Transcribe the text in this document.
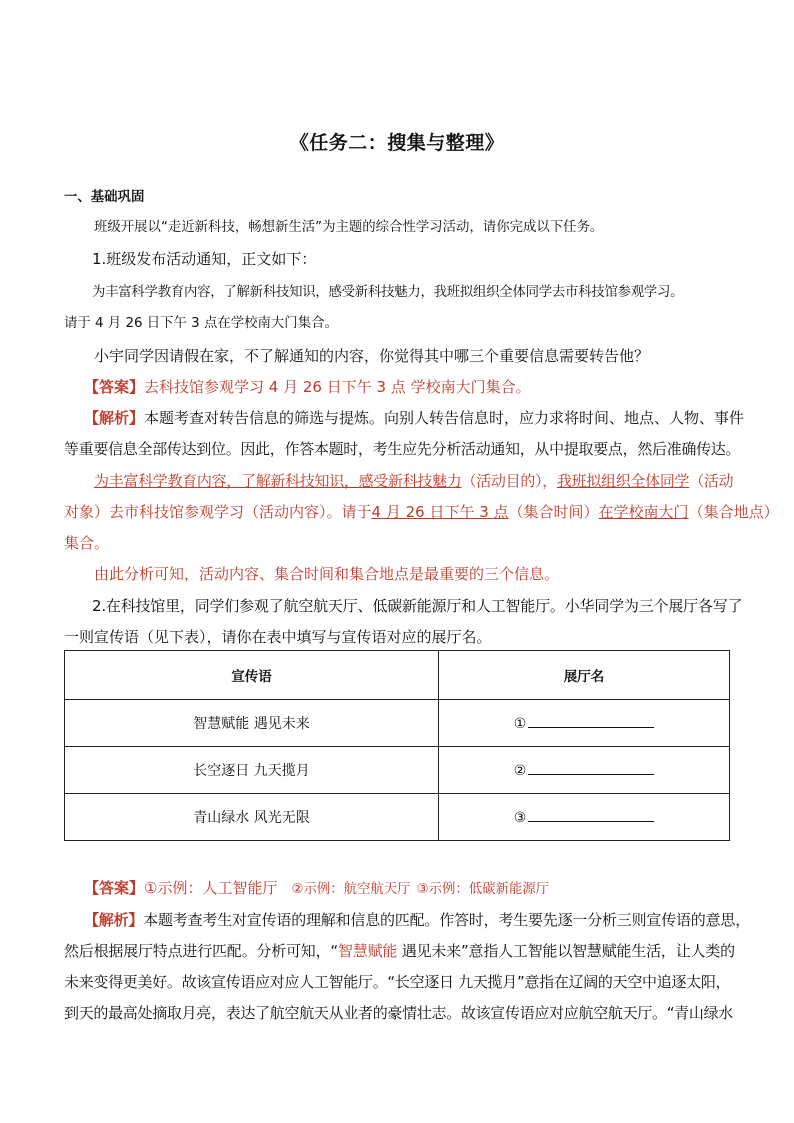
《任务二：搜集与整理》
一、基础巩固
班级开展以“走近新科技，畅想新生活”为主题的综合性学习活动，请你完成以下任务。
1.班级发布活动通知，正文如下：
为丰富科学教育内容，了解新科技知识，感受新科技魅力，我班拟组织全体同学去市科技馆参观学习。
请于 4 月 26 日下午 3 点在学校南大门集合。
小宇同学因请假在家，不了解通知的内容，你觉得其中哪三个重要信息需要转告他？
【答案】去科技馆参观学习 4 月 26 日下午 3 点 学校南大门集合。
【解析】本题考查对转告信息的筛选与提炼。向别人转告信息时，应力求将时间、地点、人物、事件
等重要信息全部传达到位。因此，作答本题时，考生应先分析活动通知，从中提取要点，然后准确传达。
为丰富科学教育内容，了解新科技知识，感受新科技魅力（活动目的），我班拟组织全体同学（活动
对象）去市科技馆参观学习（活动内容）。请于4 月 26 日下午 3 点（集合时间）在学校南大门（集合地点）
集合。
由此分析可知，活动内容、集合时间和集合地点是最重要的三个信息。
2.在科技馆里，同学们参观了航空航天厅、低碳新能源厅和人工智能厅。小华同学为三个展厅各写了
一则宣传语（见下表），请你在表中填写与宣传语对应的展厅名。
宣传语	展厅名
智慧赋能 遇见未来	①
长空逐日 九天揽月	②
青山绿水 风光无限	③
【答案】①示例：人工智能厅 ②示例：航空航天厅 ③示例：低碳新能源厅
【解析】本题考查考生对宣传语的理解和信息的匹配。作答时，考生要先逐一分析三则宣传语的意思，
然后根据展厅特点进行匹配。分析可知，“智慧赋能 遇见未来”意指人工智能以智慧赋能生活，让人类的
未来变得更美好。故该宣传语应对应人工智能厅。“长空逐日 九天揽月”意指在辽阔的天空中追逐太阳，
到天的最高处摘取月亮，表达了航空航天从业者的豪情壮志。故该宣传语应对应航空航天厅。“青山绿水
